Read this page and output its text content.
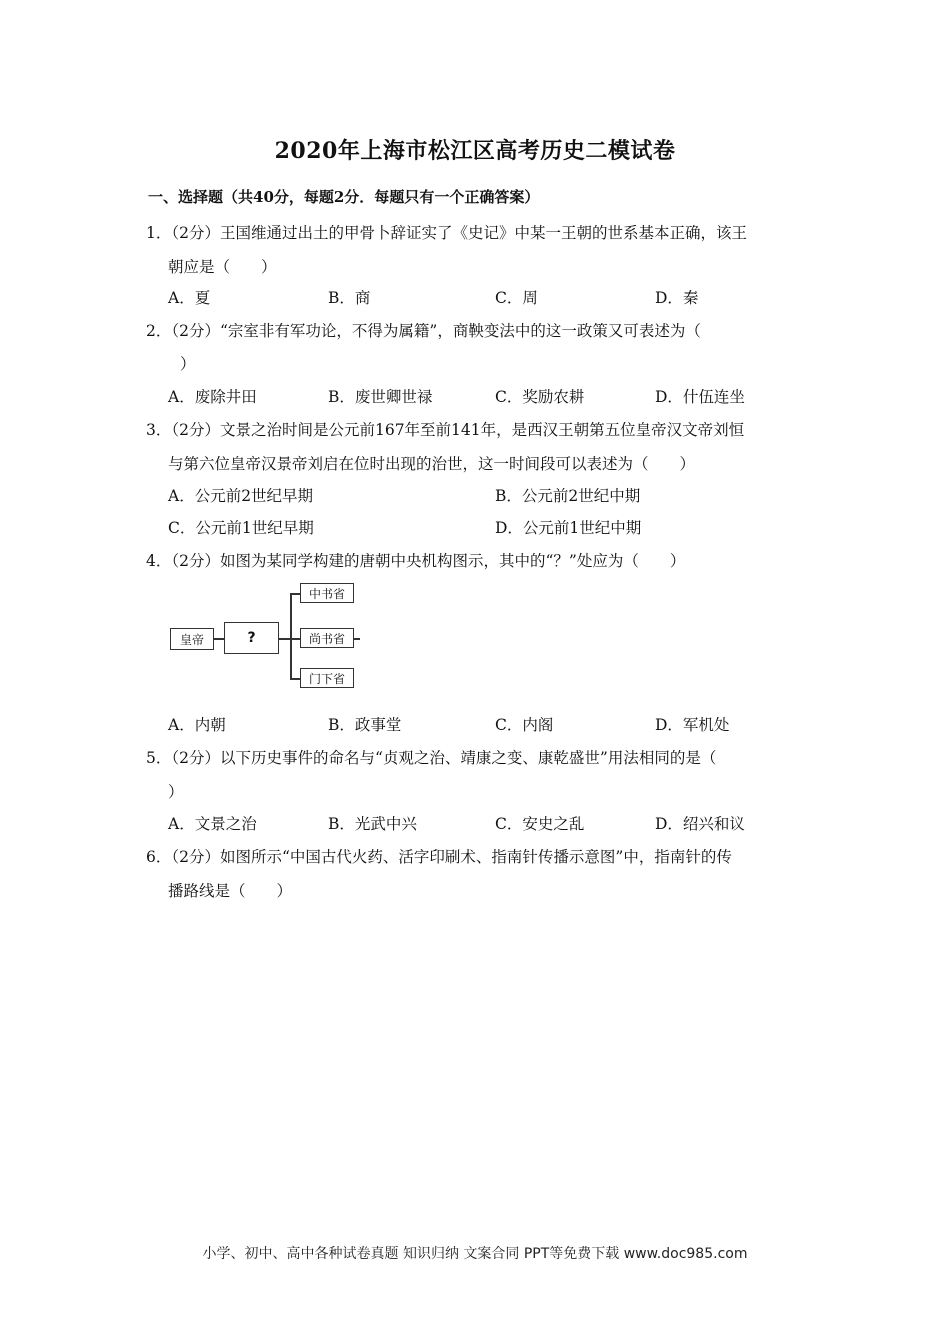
2020年上海市松江区高考历史二模试卷
一、选择题（共40分，每题2分．每题只有一个正确答案）
1．（2分）王国维通过出土的甲骨卜辞证实了《史记》中某一王朝的世系基本正确，该王
朝应是（　　）
A．夏	B．商	C．周	D．秦
2．（2分）“宗室非有军功论，不得为属籍”，商鞅变法中的这一政策又可表述为（
）
A．废除井田	B．废世卿世禄	C．奖励农耕	D．什伍连坐
3．（2分）文景之治时间是公元前167年至前141年，是西汉王朝第五位皇帝汉文帝刘恒
与第六位皇帝汉景帝刘启在位时出现的治世，这一时间段可以表述为（　　）
A．公元前2世纪早期	B．公元前2世纪中期
C．公元前1世纪早期	D．公元前1世纪中期
4．（2分）如图为某同学构建的唐朝中央机构图示，其中的“？”处应为（　　）
皇帝	?
中书省
尚书省
门下省
A．内朝	B．政事堂	C．内阁	D．军机处
5．（2分）以下历史事件的命名与“贞观之治、靖康之变、康乾盛世”用法相同的是（
）
A．文景之治	B．光武中兴	C．安史之乱	D．绍兴和议
6．（2分）如图所示“中国古代火药、活字印刷术、指南针传播示意图”中，指南针的传
播路线是（　　）
小学、初中、高中各种试卷真题 知识归纳 文案合同 PPT等免费下载 www.doc985.com
